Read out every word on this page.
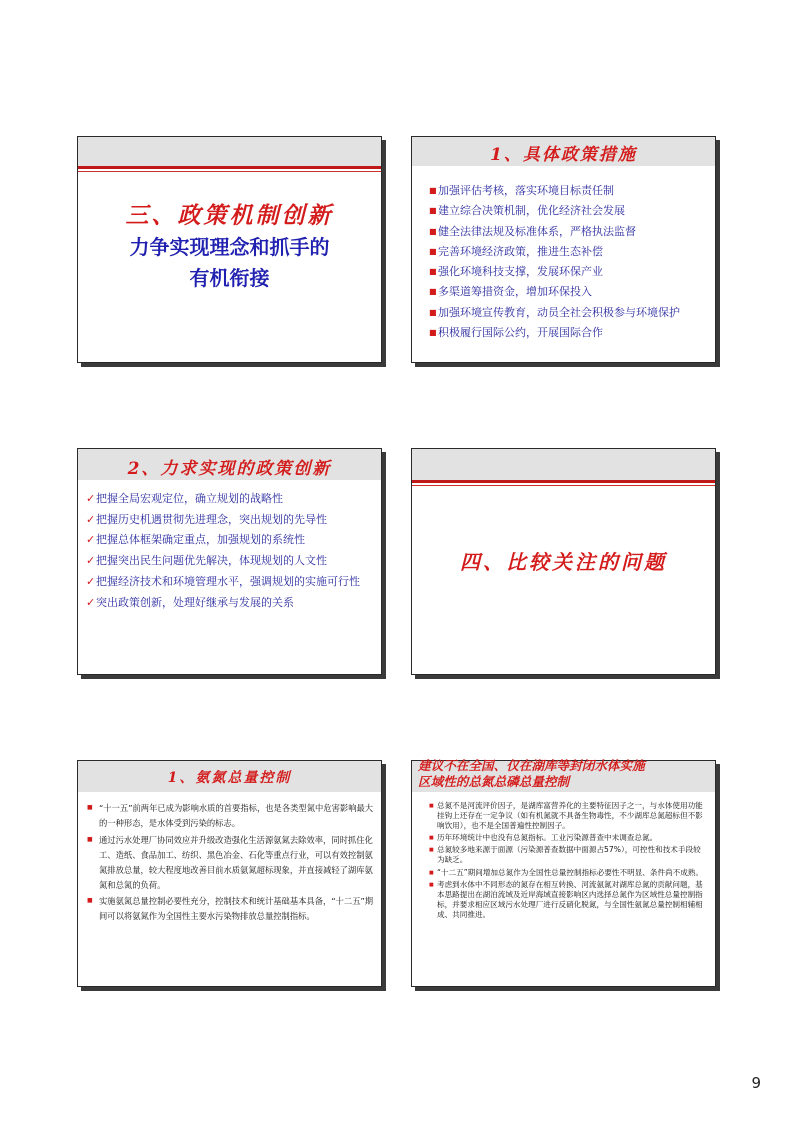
三、政策机制创新
力争实现理念和抓手的
有机衔接
1、具体政策措施
■ 加强评估考核，落实环境目标责任制
■ 建立综合决策机制，优化经济社会发展
■ 健全法律法规及标准体系，严格执法监督
■ 完善环境经济政策，推进生态补偿
■ 强化环境科技支撑，发展环保产业
■ 多渠道筹措资金，增加环保投入
■ 加强环境宣传教育，动员全社会积极参与环境保护
■ 积极履行国际公约，开展国际合作
2、力求实现的政策创新
✓ 把握全局宏观定位，确立规划的战略性
✓ 把握历史机遇贯彻先进理念，突出规划的先导性
✓ 把握总体框架确定重点，加强规划的系统性
✓ 把握突出民生问题优先解决，体现规划的人文性
✓ 把握经济技术和环境管理水平，强调规划的实施可行性
✓ 突出政策创新，处理好继承与发展的关系
四、比较关注的问题
1、氨氮总量控制
■ “十一五”前两年已成为影响水质的首要指标，也是各类型氮中危害影响最大的一种形态，是水体受到污染的标志。
■ 通过污水处理厂协同效应并升级改造强化生活源氨氮去除效率，同时抓住化工、造纸、食品加工、纺织、黑色冶金、石化等重点行业，可以有效控制氨氮排放总量，较大程度地改善目前水质氨氮超标现象，并直接减轻了湖库氨氮和总氮的负荷。
■ 实施氨氮总量控制必要性充分，控制技术和统计基础基本具备，“十二五”期间可以将氨氮作为全国性主要水污染物排放总量控制指标。
建议不在全国、仅在湖库等封闭水体实施
区域性的总氮总磷总量控制
■ 总氮不是河流评价因子，是湖库富营养化的主要特征因子之一，与水体使用功能挂钩上还存在一定争议（如有机氮就不具备生物毒性，不少湖库总氮超标但不影响饮用），也不是全国普遍性控制因子。
■ 历年环境统计中也没有总氮指标。工业污染源普查中未调查总氮。
■ 总氮较多地来源于面源（污染源普查数据中面源占57%），可控性和技术手段较为缺乏。
■ “十二五”期间增加总氮作为全国性总量控制指标必要性不明显、条件尚不成熟。
■ 考虑到水体中不同形态的氮存在相互转换、河流氨氮对湖库总氮的贡献问题，基本思路提出在湖泊流域及近岸海域直接影响区内选择总氮作为区域性总量控制指标，并要求相应区域污水处理厂进行反硝化脱氮，与全国性氨氮总量控制相辅相成、共同推进。
9
